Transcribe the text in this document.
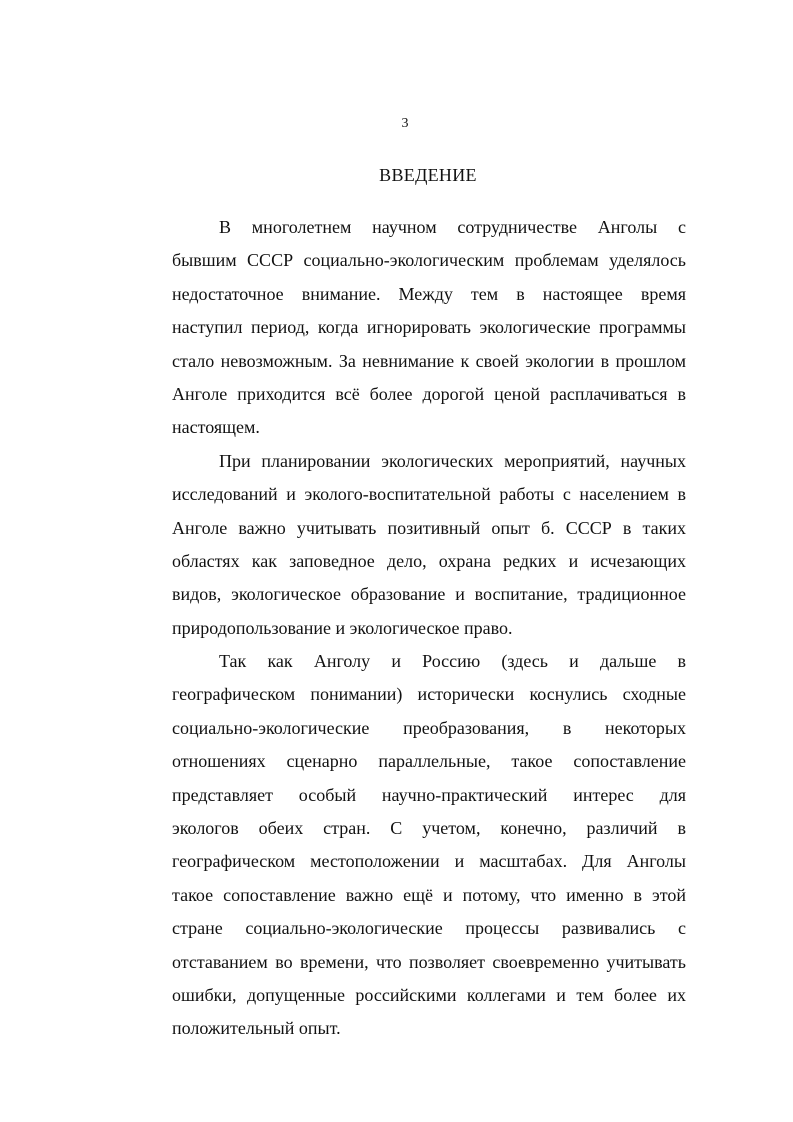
3
ВВЕДЕНИЕ
В многолетнем научном сотрудничестве Анголы с
бывшим СССР социально-экологическим проблемам уделялось
недостаточное внимание. Между тем в настоящее время
наступил период, когда игнорировать экологические программы
стало невозможным. За невнимание к своей экологии в прошлом
Анголе приходится всё более дорогой ценой расплачиваться в
настоящем.
При планировании экологических мероприятий, научных
исследований и эколого-воспитательной работы с населением в
Анголе важно учитывать позитивный опыт б. СССР в таких
областях как заповедное дело, охрана редких и исчезающих
видов, экологическое образование и воспитание, традиционное
природопользование и экологическое право.
Так как Анголу и Россию (здесь и дальше в
географическом понимании) исторически коснулись сходные
социально-экологические преобразования, в некоторых
отношениях сценарно параллельные, такое сопоставление
представляет особый научно-практический интерес для
экологов обеих стран. С учетом, конечно, различий в
географическом местоположении и масштабах. Для Анголы
такое сопоставление важно ещё и потому, что именно в этой
стране социально-экологические процессы развивались с
отставанием во времени, что позволяет своевременно учитывать
ошибки, допущенные российскими коллегами и тем более их
положительный опыт.
